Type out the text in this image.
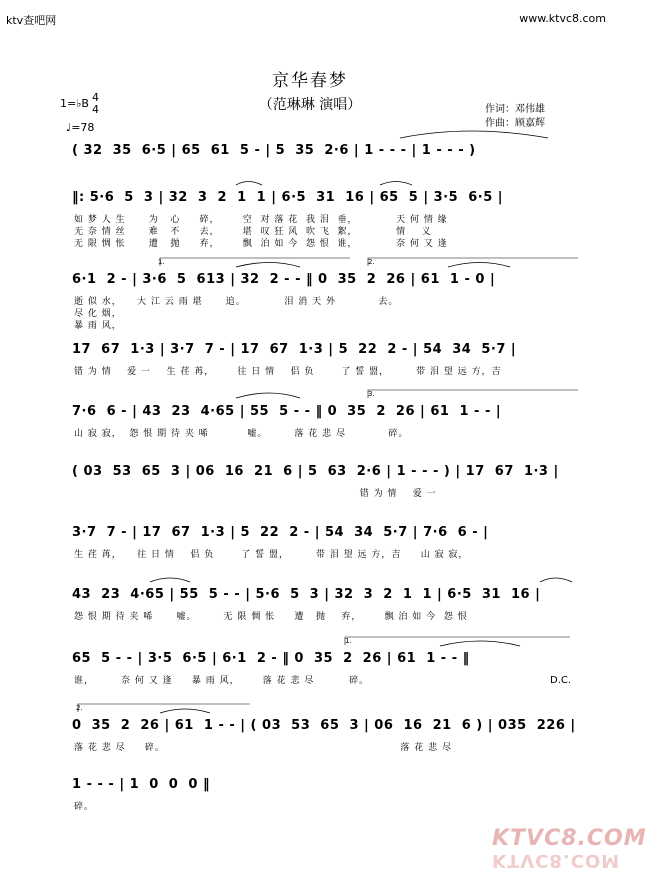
ktv查吧网	www.ktvc8.com
京华春梦
（范琳琳 演唱）	作词：邓伟雄
作曲：顾嘉辉
1=♭B 4
4
♩=78
( 32  35  6·5 | 65  61  5 - | 5  35  2·6 | 1 - - - | 1 - - - )
‖: 5·6  5  3 | 32  3  2  1  1 | 6·5  31  16 | 65  5 | 3·5  6·5 |
如 梦 人 生      为   心     碎，      空  对 落 花  我 泪  垂，          天 何 情 缘
无 奈 情 丝      难   不     去，      堪  叹 狂 风  吹 飞  絮，          情    义
无 限 惆 怅      遭   抛     弃，      飘  泊 如 今  怨 恨  谁，          奈 何 又 逢
6·1  2 - | 3·6  5  613 | 32  2 - - ‖ 0  35  2  26 | 61  1 - 0 |
逝 似 水，    大 江 云 雨 堪      追。          泪 消 天 外           去。
尽 化 烟，
暴 雨 风，
17  67  1·3 | 3·7  7 - | 17  67  1·3 | 5  22  2 - | 54  34  5·7 |
错 为 情    爱 一    生 荏 苒，      往 日 情    侣 负       了 誓 盟，       带 泪 望 远 方，吉
7·6  6 - | 43  23  4·65 | 55  5 - - ‖ 0  35  2  26 | 61  1 - - |
山 寂 寂，  怨 恨 期 待 夹 唏          嘘。       落 花 悲 尽           碎。
( 03  53  65  3 | 06  16  21  6 | 5  63  2·6 | 1 - - - ) | 17  67  1·3 |
错 为 情    爱 一
3·7  7 - | 17  67  1·3 | 5  22  2 - | 54  34  5·7 | 7·6  6 - |
生 荏 苒，    往 日 情    侣 负       了 誓 盟，       带 泪 望 远 方，吉     山 寂 寂，
43  23  4·65 | 55  5 - - | 5·6  5  3 | 32  3  2  1  1 | 6·5  31  16 |
怨 恨 期 待 夹 唏      嘘。       无 限 惆 怅     遭   抛    弃，      飘 泊 如 今  怨 恨
65  5 - - | 3·5  6·5 | 6·1  2 - ‖ 0  35  2  26 | 61  1 - - ‖
谁，       奈 何 又 逢     暴 雨 风，      落 花 悲 尽         碎。	D.C.
0  35  2  26 | 61  1 - - | ( 03  53  65  3 | 06  16  21  6 ) | 035  226 |
落 花 悲 尽     碎。                                                             落 花 悲 尽
1 - - - | 1  0  0  0 ‖
碎。
1.	2.
3.
1.
2.
KTVC8.COM
KTVC8.COM
